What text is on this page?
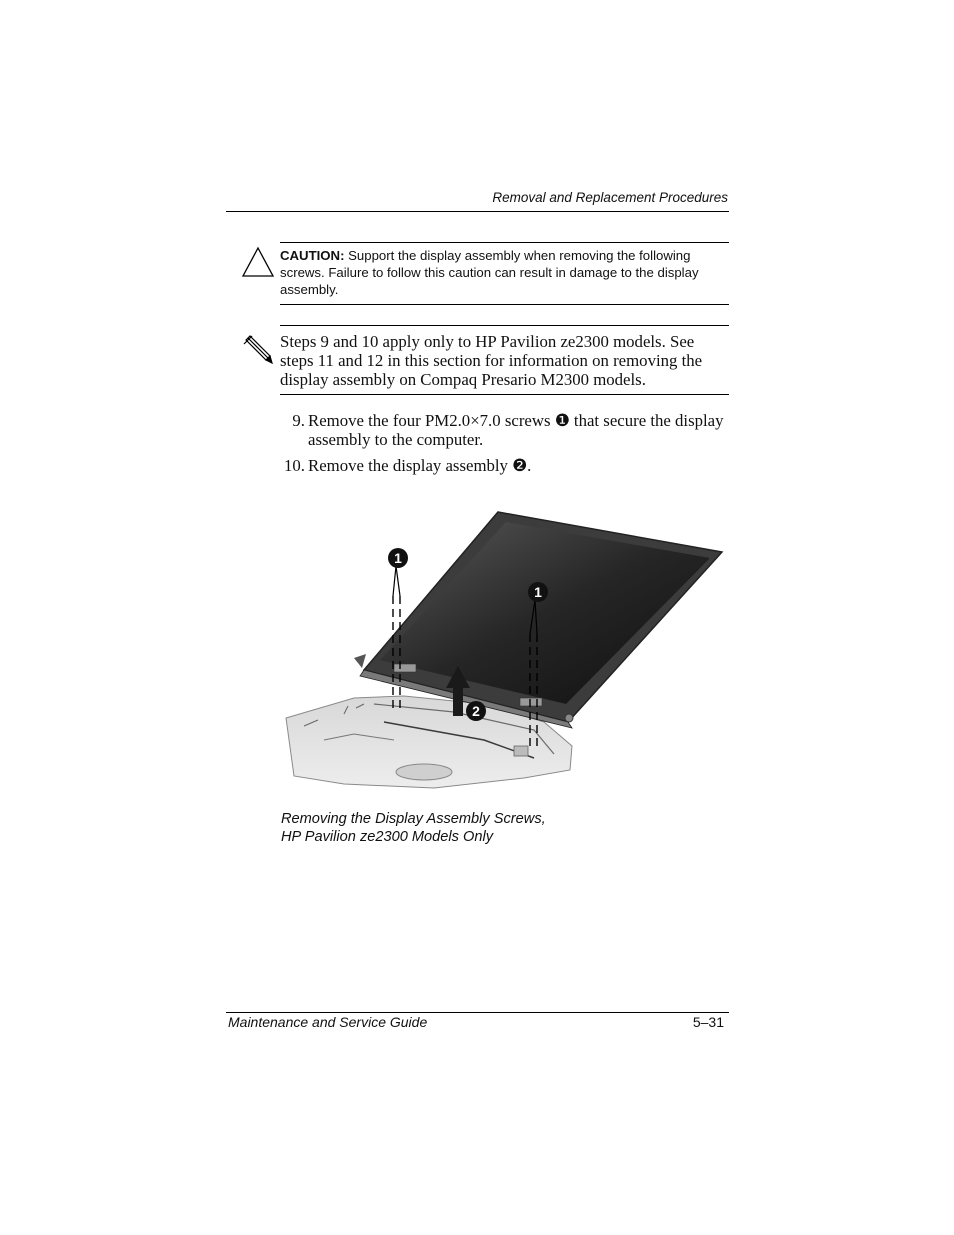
Removal and Replacement Procedures
CAUTION: Support the display assembly when removing the following screws. Failure to follow this caution can result in damage to the display assembly.
Steps 9 and 10 apply only to HP Pavilion ze2300 models. See steps 11 and 12 in this section for information on removing the display assembly on Compaq Presario M2300 models.
9. Remove the four PM2.0×7.0 screws ❶ that secure the display assembly to the computer.
10. Remove the display assembly ❷.
1
1
2
Removing the Display Assembly Screws,
HP Pavilion ze2300 Models Only
Maintenance and Service Guide	5–31
